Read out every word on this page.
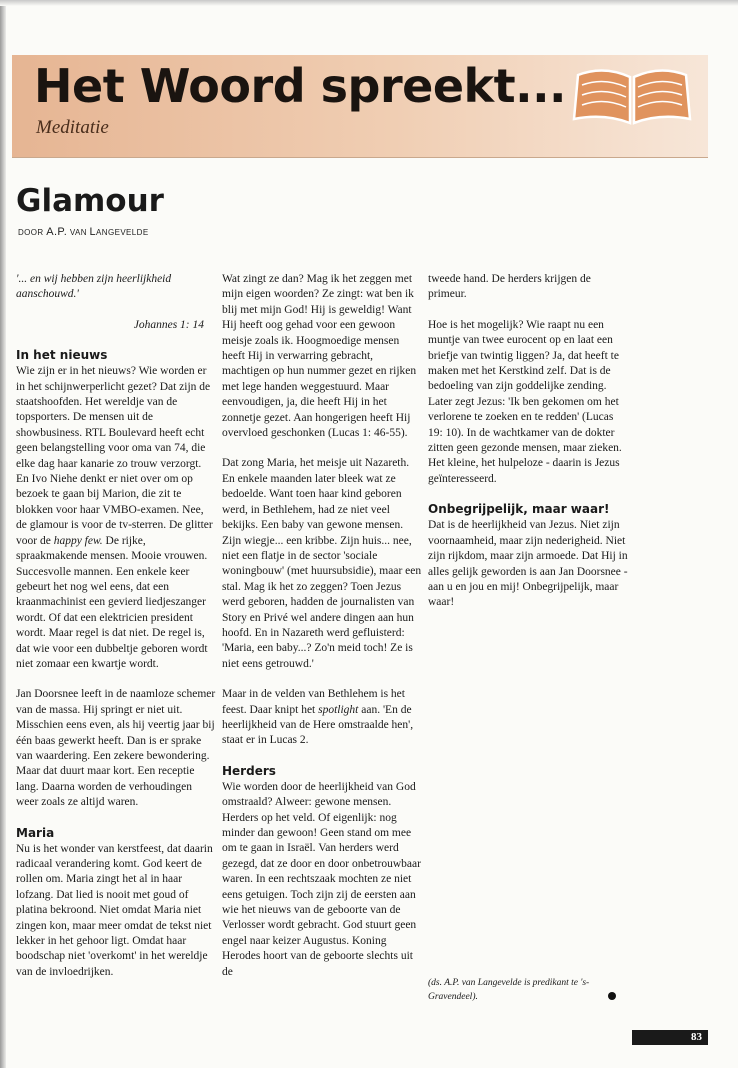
Het Woord spreekt...
Meditatie
Glamour
DOOR A.P. VAN LANGEVELDE

'... en wij hebben zijn heerlijkheid aanschouwd.'

Johannes 1: 14

In het nieuws

Wie zijn er in het nieuws? Wie worden er in het schijnwerperlicht gezet? Dat zijn de staatshoofden. Het wereldje van de topsporters. De mensen uit de showbusiness. RTL Boulevard heeft echt geen belangstelling voor oma van 74, die elke dag haar kanarie zo trouw verzorgt. En Ivo Niehe denkt er niet over om op bezoek te gaan bij Marion, die zit te blokken voor haar VMBO-examen. Nee, de glamour is voor de tv-sterren. De glitter voor de happy few. De rijke, spraakmakende mensen. Mooie vrouwen. Succesvolle mannen. Een enkele keer gebeurt het nog wel eens, dat een kraanmachinist een gevierd liedjeszanger wordt. Of dat een elektricien president wordt. Maar regel is dat niet. De regel is, dat wie voor een dubbeltje geboren wordt niet zomaar een kwartje wordt.

Jan Doorsnee leeft in de naamloze schemer van de massa. Hij springt er niet uit. Misschien eens even, als hij veertig jaar bij één baas gewerkt heeft. Dan is er sprake van waardering. Een zekere bewondering. Maar dat duurt maar kort. Een receptie lang. Daarna worden de verhoudingen weer zoals ze altijd waren.

Maria

Nu is het wonder van kerstfeest, dat daarin radicaal verandering komt. God keert de rollen om. Maria zingt het al in haar lofzang. Dat lied is nooit met goud of platina bekroond. Niet omdat Maria niet zingen kon, maar meer omdat de tekst niet lekker in het gehoor ligt. Omdat haar boodschap niet 'overkomt' in het wereldje van de invloedrijken.

Wat zingt ze dan? Mag ik het zeggen met mijn eigen woorden? Ze zingt: wat ben ik blij met mijn God! Hij is geweldig! Want Hij heeft oog gehad voor een gewoon meisje zoals ik. Hoogmoedige mensen heeft Hij in verwarring gebracht, machtigen op hun nummer gezet en rijken met lege handen weggestuurd. Maar eenvoudigen, ja, die heeft Hij in het zonnetje gezet. Aan hongerigen heeft Hij overvloed geschonken (Lucas 1: 46-55).

Dat zong Maria, het meisje uit Nazareth. En enkele maanden later bleek wat ze bedoelde. Want toen haar kind geboren werd, in Bethlehem, had ze niet veel bekijks. Een baby van gewone mensen. Zijn wiegje... een kribbe. Zijn huis... nee, niet een flatje in de sector 'sociale woningbouw' (met huursubsidie), maar een stal. Mag ik het zo zeggen? Toen Jezus werd geboren, hadden de journalisten van Story en Privé wel andere dingen aan hun hoofd. En in Nazareth werd gefluisterd: 'Maria, een baby...? Zo'n meid toch! Ze is niet eens getrouwd.'

Maar in de velden van Bethlehem is het feest. Daar knipt het spotlight aan. 'En de heerlijkheid van de Here omstraalde hen', staat er in Lucas 2.

Herders

Wie worden door de heerlijkheid van God omstraald? Alweer: gewone mensen. Herders op het veld. Of eigenlijk: nog minder dan gewoon! Geen stand om mee om te gaan in Israël. Van herders werd gezegd, dat ze door en door onbetrouwbaar waren. In een rechtszaak mochten ze niet eens getuigen. Toch zijn zij de eersten aan wie het nieuws van de geboorte van de Verlosser wordt gebracht. God stuurt geen engel naar keizer Augustus. Koning Herodes hoort van de geboorte slechts uit de

tweede hand. De herders krijgen de primeur.

Hoe is het mogelijk? Wie raapt nu een muntje van twee eurocent op en laat een briefje van twintig liggen? Ja, dat heeft te maken met het Kerstkind zelf. Dat is de bedoeling van zijn goddelijke zending. Later zegt Jezus: 'Ik ben gekomen om het verlorene te zoeken en te redden' (Lucas 19: 10). In de wachtkamer van de dokter zitten geen gezonde mensen, maar zieken. Het kleine, het hulpeloze - daarin is Jezus geïnteresseerd.

Onbegrijpelijk, maar waar!

Dat is de heerlijkheid van Jezus. Niet zijn voornaamheid, maar zijn nederigheid. Niet zijn rijkdom, maar zijn armoede. Dat Hij in alles gelijk geworden is aan Jan Doorsnee - aan u en jou en mij! Onbegrijpelijk, maar waar!

(ds. A.P. van Langevelde is predikant te 's-Gravendeel).
83
